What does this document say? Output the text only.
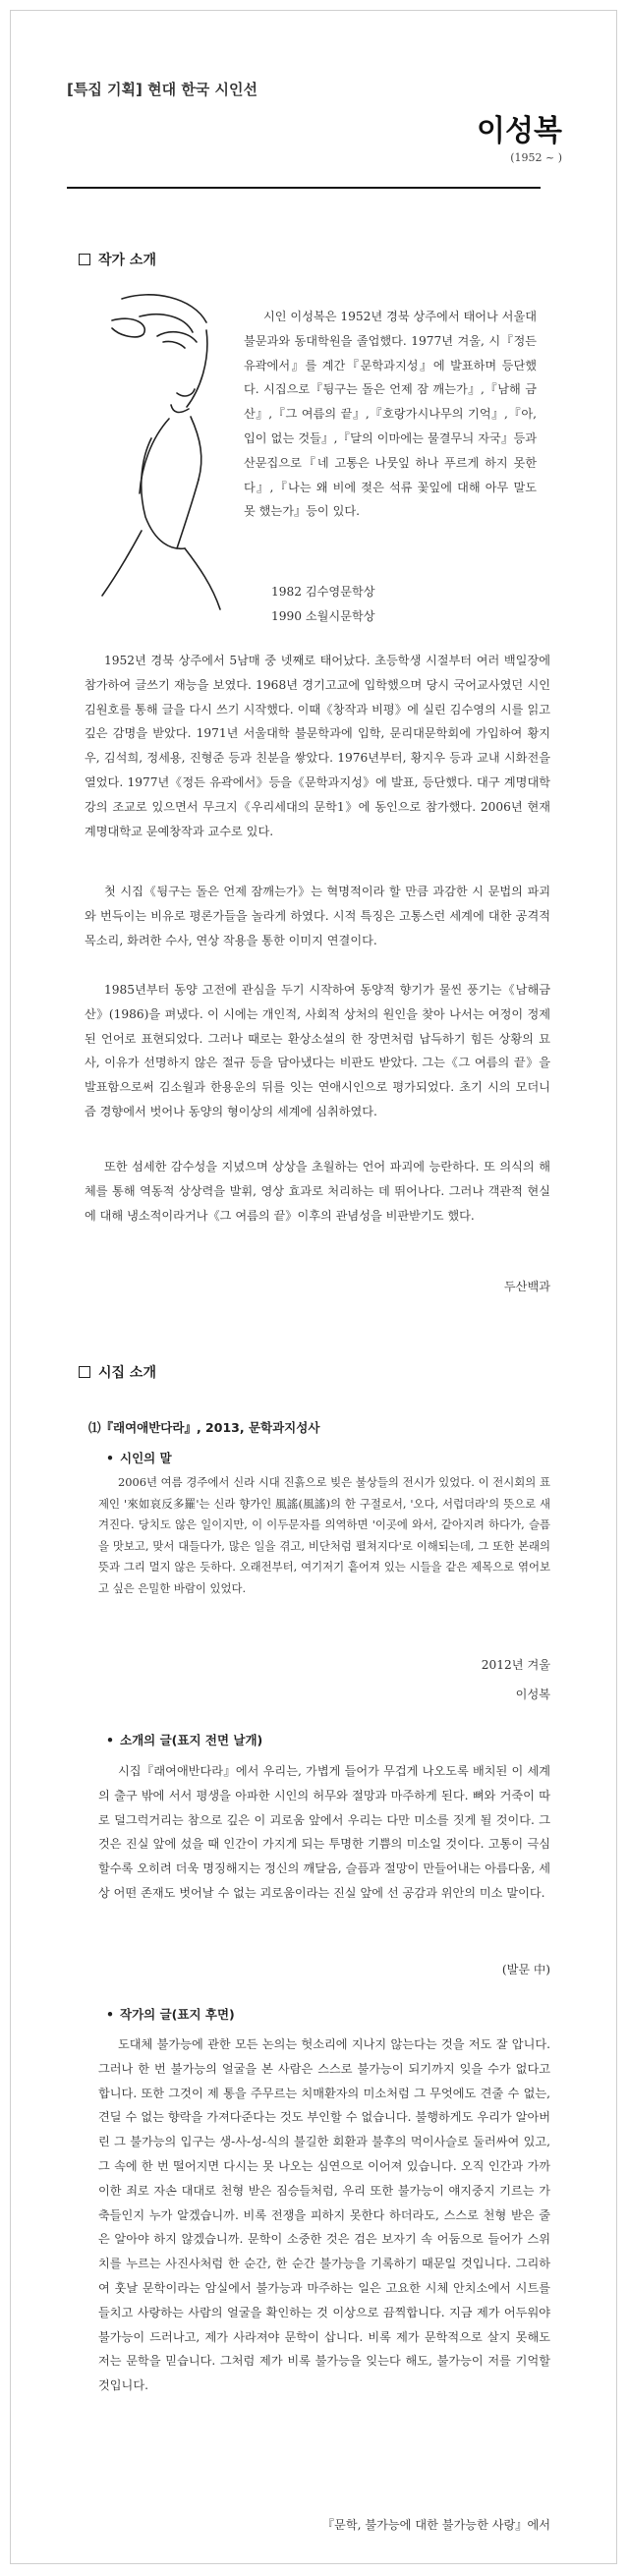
[특집 기획] 현대 한국 시인선
이성복
(1952 ~ )
작가 소개
시인 이성복은 1952년 경북 상주에서 태어나 서울대 불문과와 동대학원을 졸업했다. 1977년 겨울, 시『정든 유곽에서』를 계간『문학과지성』에 발표하며 등단했다. 시집으로『뒹구는 돌은 언제 잠 깨는가』,『남해 금산』,『그 여름의 끝』,『호랑가시나무의 기억』,『아, 입이 없는 것들』,『달의 이마에는 물결무늬 자국』등과 산문집으로『네 고통은 나뭇잎 하나 푸르게 하지 못한다』,『나는 왜 비에 젖은 석류 꽃잎에 대해 아무 말도 못 했는가』등이 있다.
1982 김수영문학상
1990 소월시문학상
1952년 경북 상주에서 5남매 중 넷째로 태어났다. 초등학생 시절부터 여러 백일장에 참가하여 글쓰기 재능을 보였다. 1968년 경기고교에 입학했으며 당시 국어교사였던 시인 김원호를 통해 글을 다시 쓰기 시작했다. 이때《창작과 비평》에 실린 김수영의 시를 읽고 깊은 감명을 받았다. 1971년 서울대학 불문학과에 입학, 문리대문학회에 가입하여 황지우, 김석희, 정세용, 진형준 등과 친분을 쌓았다. 1976년부터, 황지우 등과 교내 시화전을 열었다. 1977년《정든 유곽에서》등을《문학과지성》에 발표, 등단했다. 대구 계명대학 강의 조교로 있으면서 무크지《우리세대의 문학1》에 동인으로 참가했다. 2006년 현재 계명대학교 문예창작과 교수로 있다.
첫 시집《뒹구는 돌은 언제 잠깨는가》는 혁명적이라 할 만큼 과감한 시 문법의 파괴와 번득이는 비유로 평론가들을 놀라게 하였다. 시적 특징은 고통스런 세계에 대한 공격적 목소리, 화려한 수사, 연상 작용을 통한 이미지 연결이다.
1985년부터 동양 고전에 관심을 두기 시작하여 동양적 향기가 물씬 풍기는《남해금산》(1986)을 펴냈다. 이 시에는 개인적, 사회적 상처의 원인을 찾아 나서는 여정이 정제된 언어로 표현되었다. 그러나 때로는 환상소설의 한 장면처럼 납득하기 힘든 상황의 묘사, 이유가 선명하지 않은 절규 등을 담아냈다는 비판도 받았다. 그는《그 여름의 끝》을 발표함으로써 김소월과 한용운의 뒤를 잇는 연애시인으로 평가되었다. 초기 시의 모더니즘 경향에서 벗어나 동양의 형이상의 세계에 심취하였다.
또한 섬세한 감수성을 지녔으며 상상을 초월하는 언어 파괴에 능란하다. 또 의식의 해체를 통해 역동적 상상력을 발휘, 영상 효과로 처리하는 데 뛰어나다. 그러나 객관적 현실에 대해 냉소적이라거나《그 여름의 끝》이후의 관념성을 비판받기도 했다.
두산백과
시집 소개
⑴『래여애반다라』, 2013, 문학과지성사
• 시인의 말
2006년 여름 경주에서 신라 시대 진흙으로 빚은 불상들의 전시가 있었다. 이 전시회의 표제인 '來如哀反多羅'는 신라 향가인 風謠(風謠)의 한 구절로서, '오다, 서럽더라'의 뜻으로 새겨진다. 당치도 않은 일이지만, 이 이두문자를 의역하면 '이곳에 와서, 같아지려 하다가, 슬픔을 맛보고, 맞서 대들다가, 많은 일을 겪고, 비단처럼 펼쳐지다'로 이해되는데, 그 또한 본래의 뜻과 그리 멀지 않은 듯하다. 오래전부터, 여기저기 흩어져 있는 시들을 같은 제목으로 엮어보고 싶은 은밀한 바람이 있었다.
2012년 겨울
이성복
• 소개의 글(표지 전면 날개)
시집『래여애반다라』에서 우리는, 가볍게 들어가 무겁게 나오도록 배치된 이 세계의 출구 밖에 서서 평생을 아파한 시인의 허무와 절망과 마주하게 된다. 뼈와 거죽이 따로 덜그럭거리는 참으로 깊은 이 괴로움 앞에서 우리는 다만 미소를 짓게 될 것이다. 그것은 진실 앞에 섰을 때 인간이 가지게 되는 투명한 기쁨의 미소일 것이다. 고통이 극심할수록 오히려 더욱 명징해지는 정신의 깨달음, 슬픔과 절망이 만들어내는 아름다움, 세상 어떤 존재도 벗어날 수 없는 괴로움이라는 진실 앞에 선 공감과 위안의 미소 말이다.
(발문 中)
• 작가의 글(표지 후면)
도대체 불가능에 관한 모든 논의는 헛소리에 지나지 않는다는 것을 저도 잘 압니다. 그러나 한 번 불가능의 얼굴을 본 사람은 스스로 불가능이 되기까지 잊을 수가 없다고 합니다. 또한 그것이 제 통을 주무르는 치매환자의 미소처럼 그 무엇에도 견줄 수 없는, 견딜 수 없는 향락을 가져다준다는 것도 부인할 수 없습니다. 불행하게도 우리가 알아버린 그 불가능의 입구는 생-사-성-식의 불길한 회환과 불후의 먹이사슬로 둘러싸여 있고, 그 속에 한 번 떨어지면 다시는 못 나오는 심연으로 이어져 있습니다. 오직 인간과 가까이한 죄로 자손 대대로 천형 받은 짐승들처럼, 우리 또한 불가능이 얘지중지 기르는 가축들인지 누가 알겠습니까. 비록 전쟁을 피하지 못한다 하더라도, 스스로 천형 받은 줄은 알아야 하지 않겠습니까. 문학이 소중한 것은 검은 보자기 속 어둠으로 들어가 스위치를 누르는 사진사처럼 한 순간, 한 순간 불가능을 기록하기 때문일 것입니다. 그리하여 훗날 문학이라는 암실에서 불가능과 마주하는 일은 고요한 시체 안치소에서 시트를 들치고 사랑하는 사람의 얼굴을 확인하는 것 이상으로 끔찍합니다. 지금 제가 어두워야 불가능이 드러나고, 제가 사라져야 문학이 삽니다. 비록 제가 문학적으로 살지 못해도 저는 문학을 믿습니다. 그처럼 제가 비록 불가능을 잊는다 해도, 불가능이 저를 기억할 것입니다.
『문학, 불가능에 대한 불가능한 사랑』에서
